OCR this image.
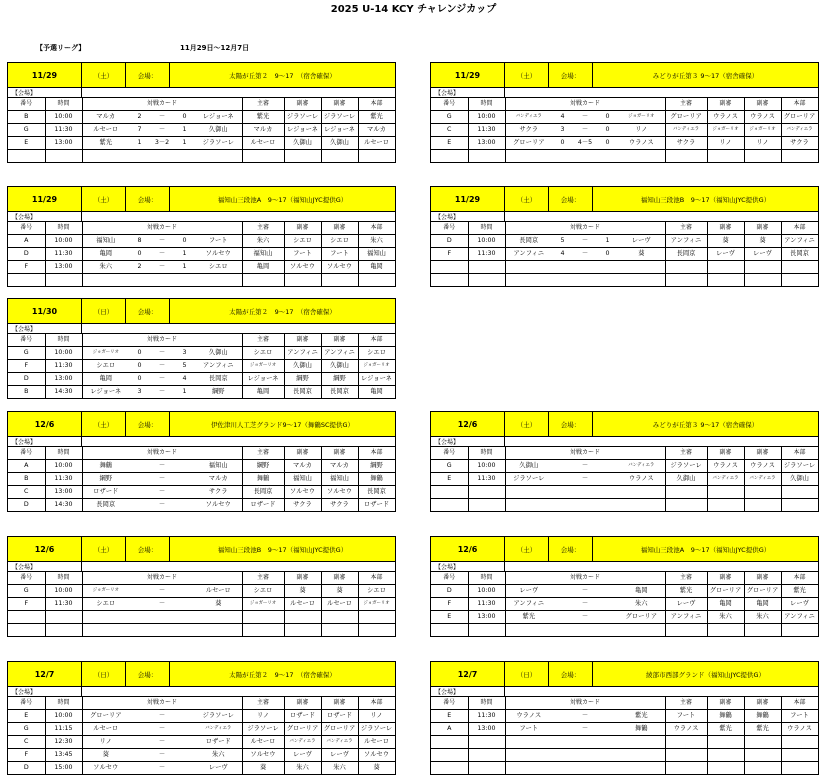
2025 U-14 KCY チャレンジカップ
【予選リーグ】	11月29日～12月7日
11/29	（土）	会場：	太陽が丘第２　9～17　（宿舎確保）
【会場】
番号	時間	対戦カード					主審	副審	副審	本部	
B	10:00	マルカ	2	－	0	レジョーネ	紫光	ジラソーレ	ジラソーレ	紫光	
G	11:30	ルセーロ	7	－	1	久御山	マルカ	レジョーネ	レジョーネ	マルカ	
E	13:00	紫光	1	3－2	1	ジラソーレ	ルセーロ	久御山	久御山	ルセーロ	

11/29	（土）	会場：	みどりが丘第３ 9～17（宿舎確保）
【会場】
番号	時間	対戦カード					主審	副審	副審	本部	
G	10:00	バンディエラ	4	－	0	ジョガーリオ	グローリア	ウラノス	ウラノス	グローリア	
C	11:30	サクラ	3	－	0	リノ	バンディエラ	ジョガーリオ	ジョガーリオ	バンディエラ	
E	13:00	グローリア	0	4－5	0	ウラノス	サクラ	リノ	リノ	サクラ	

11/29	（土）	会場：	福知山三段池A　9～17（福知山JYC提供G）
【会場】
番号	時間	対戦カード					主審	副審	副審	本部	
A	10:00	福知山	8	－	0	フート	朱六	シエロ	シエロ	朱六	
D	11:30	亀岡	0	－	1	ソルセウ	福知山	フート	フート	福知山	
F	13:00	朱六	2	－	1	シエロ	亀岡	ソルセウ	ソルセウ	亀岡	

11/29	（土）	会場：	福知山三段池B　9～17（福知山JYC提供G）
【会場】
番号	時間	対戦カード					主審	副審	副審	本部	
D	10:00	長岡京	5	－	1	レーヴ	アンフィニ	葵	葵	アンフィニ	
F	11:30	アンフィニ	4	－	0	葵	長岡京	レーヴ	レーヴ	長岡京	

11/30	（日）	会場：	太陽が丘第２　9～17　（宿舎確保）
【会場】
番号	時間	対戦カード					主審	副審	副審	本部	
G	10:00	ジョガーリオ	0	－	3	久御山	シエロ	アンフィニ	アンフィニ	シエロ	
F	11:30	シエロ	0	－	5	アンフィニ	ジョガーリオ	久御山	久御山	ジョガーリオ	
D	13:00	亀岡	0	－	4	長岡京	レジョーネ	綱野	綱野	レジョーネ	
B	14:30	レジョーネ	3	－	1	綱野	亀岡	長岡京	長岡京	亀岡	
12/6	（土）	会場：	みどりが丘第３ 9～17（宿舎確保）
【会場】
番号	時間	対戦カード					主審	副審	副審	本部	
G	10:00	久御山		－		バンディエラ	ジラソーレ	ウラノス	ウラノス	ジラソーレ	
E	11:30	ジラソーレ		－		ウラノス	久御山	バンディエラ	バンディエラ	久御山	

12/6	（土）	会場：	伊佐津川人工芝グランド9～17（舞鶴SC提供G）
【会場】
番号	時間	対戦カード					主審	副審	副審	本部	
A	10:00	舞鶴		－		福知山	綱野	マルカ	マルカ	綱野	
B	11:30	綱野		－		マルカ	舞鶴	福知山	福知山	舞鶴	
C	13:00	ロザード		－		サクラ	長岡京	ソルセウ	ソルセウ	長岡京	
D	14:30	長岡京		－		ソルセウ	ロザード	サクラ	サクラ	ロザード	
12/6	（土）	会場：	福知山三段池A　9～17（福知山JYC提供G）
【会場】
番号	時間	対戦カード					主審	副審	副審	本部	
D	10:00	レーヴ		－		亀岡	紫光	グローリア	グローリア	紫光	
F	11:30	アンフィニ		－		朱六	レーヴ	亀岡	亀岡	レーヴ	
E	13:00	紫光		－		グローリア	アンフィニ	朱六	朱六	アンフィニ	

12/6	（土）	会場：	福知山三段池B　9～17（福知山JYC提供G）
【会場】
番号	時間	対戦カード					主審	副審	副審	本部	
G	10:00	ジョガーリオ		－		ルセーロ	シエロ	葵	葵	シエロ	
F	11:30	シエロ		－		葵	ジョガーリオ	ルセーロ	ルセーロ	ジョガーリオ	

12/7	（日）	会場：	太陽が丘第２　9～17　（宿舎確保）
【会場】
番号	時間	対戦カード					主審	副審	副審	本部	
E	10:00	グローリア		－		ジラソーレ	リノ	ロザード	ロザード	リノ	
G	11:15	ルセーロ		－		バンディエラ	ジラソーレ	グローリア	グローリア	ジラソーレ	
C	12:30	リノ		－		ロザード	ルセーロ	バンディエラ	バンディエラ	ルセーロ	
F	13:45	葵		－		朱六	ソルセウ	レーヴ	レーヴ	ソルセウ	
D	15:00	ソルセウ		－		レーヴ	葵	朱六	朱六	葵	
12/7	（日）	会場：	綾部市西部グランド（福知山JYC提供G）
【会場】
番号	時間	対戦カード					主審	副審	副審	本部	
E	11:30	ウラノス		－		紫光	フート	舞鶴	舞鶴	フート	
A	13:00	フート		－		舞鶴	ウラノス	紫光	紫光	ウラノス	
